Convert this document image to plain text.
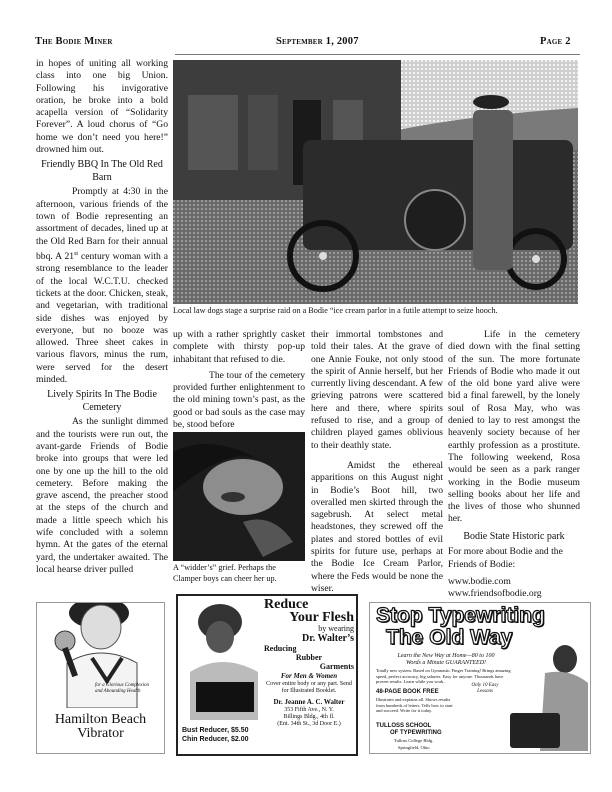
The Bodie Miner	September 1, 2007	Page 2

in hopes of uniting all working class into one big Union. Following his invigorative oration, he broke into a bold acapella version of “Solidarity Forever”. A loud chorus of “Go home we don’t need you here!” drowned him out.

Friendly BBQ In The Old Red Barn

Promptly at 4:30 in the afternoon, various friends of the town of Bodie representing an assortment of decades, lined up at the Old Red Barn for their annual bbq. A 21st century woman with a strong resemblance to the leader of the local W.C.T.U. checked tickets at the door. Chicken, steak, and vegetarian, with traditional side dishes was enjoyed by everyone, but no booze was allowed. Three sheet cakes in various flavors, minus the rum, were served for the desert minded.

Lively Spirits In The Bodie Cemetery

As the sunlight dimmed and the tourists were run out, the avant-garde Friends of Bodie broke into groups that were led one by one up the hill to the old cemetery. Before making the grave ascend, the preacher stood at the steps of the church and made a little speech which his wife concluded with a solemn hymn. At the gates of the eternal yard, the undertaker awaited. The local hearse driver pulled

Local law dogs stage a surprise raid on a Bodie “ice cream parlor in a futile attempt to seize hooch.

up with a rather sprightly casket complete with thirsty pop-up inhabitant that refused to die.

The tour of the cemetery provided further enlightenment to the old mining town’s past, as the good or bad souls as the case may be, stood before

A “widder’s” grief. Perhaps the Clamper boys can cheer her up.

their immortal tombstones and told their tales. At the grave of one Annie Fouke, not only stood the spirit of Annie herself, but her currently living descendant. A few grieving patrons were scattered here and there, where spirits refused to rise, and a group of children played games oblivious to their deathly state.

Amidst the ethereal apparitions on this August night in Bodie’s Boot hill, two overalled men skirted through the sagebrush. At select metal headstones, they screwed off the plates and stored bottles of evil spirits for future use, perhaps at the Bodie Ice Cream Parlor, where the Feds would be none the wiser.

Life in the cemetery died down with the final setting of the sun. The more fortunate Friends of Bodie who made it out of the old bone yard alive were bid a final farewell, by the lonely soul of Rosa May, who was denied to lay to rest amongst the heavenly society because of her earthly profession as a prostitute. The following weekend, Rosa would be seen as a park ranger working in the Bodie museum selling books about her life and the lives of those who shunned her.

Bodie State Historic park

For more about Bodie and the Friends of Bodie:

www.bodie.com
www.friendsofbodie.org
for a Glorious Complexion and Abounding Health
Hamilton Beach
Vibrator	Bust Reducer, $5.50
Chin Reducer, $2.00
Reduce
Your Flesh
by wearing
Dr. Walter’s
Reducing
Rubber
Garments
For Men & Women
Cover entire body or any part. Send for Illustrated Booklet.
Dr. Jeanne A. C. Walter
353 Fifth Ave., N. Y.
Billings Bldg., 4th fl.
(Ent. 34th St., 3d Door E.)
Stop Typewriting
The Old Way
Learn the New Way at Home—80 to 100
Words a Minute GUARANTEED!
Totally new system. Based on Gymnastic Finger Training! Brings amazing speed, perfect accuracy, big salaries. Easy for anyone. Thousands have proven results. Learn while you work.
48-PAGE BOOK FREE
Illustrates and explains all. Shows results from hundreds of letters. Tells how to start and succeed. Write for it today.
Only 10 Easy Lessons
TULLOSS SCHOOL
OF TYPEWRITING
Tulloss College Bldg.
Springfield, Ohio
